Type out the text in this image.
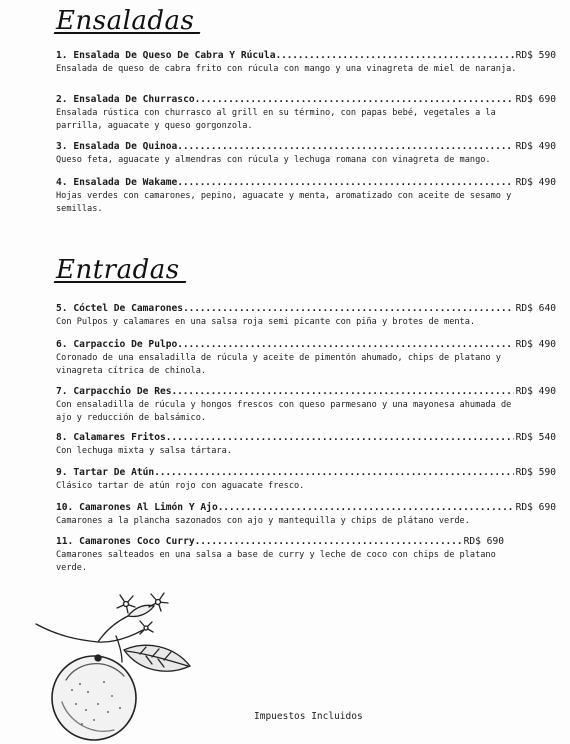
Ensaladas
1. Ensalada De Queso De Cabra Y Rúcula .....	RD$ 590
Ensalada de queso de cabra frito con rúcula con mango y una vinagreta de miel de naranja.
2. Ensalada De Churrasco .....	RD$ 690
Ensalada rústica con churrasco al grill en su término, con papas bebé, vegetales a la parrilla, aguacate y queso gorgonzola.
3. Ensalada De Quinoa .....	RD$ 490
Queso feta, aguacate y almendras con rúcula y lechuga romana con vinagreta de mango.
4. Ensalada De Wakame .....	RD$ 490
Hojas verdes con camarones, pepino, aguacate y menta, aromatizado con aceite de sesamo y semillas.
Entradas
5. Cóctel De Camarones .....	RD$ 640
Con Pulpos y calamares en una salsa roja semi picante con piña y brotes de menta.
6. Carpaccio De Pulpo .....	RD$ 490
Coronado de una ensaladilla de rúcula y aceite de pimentón ahumado, chips de platano y vinagreta cítrica de chinola.
7. Carpacchio De Res .....	RD$ 490
Con ensaladilla de rúcula y hongos frescos con queso parmesano y una mayonesa ahumada de ajo y reducción de balsámico.
8. Calamares Fritos .....	RD$ 540
Con lechuga mixta y salsa tártara.
9. Tartar De Atún .....	RD$ 590
Clásico tartar de atún rojo con aguacate fresco.
10. Camarones Al Limón Y Ajo .....	RD$ 690
Camarones a la plancha sazonados con ajo y mantequilla y chips de plátano verde.
11. Camarones Coco Curry .....	RD$ 690
Camarones salteados en una salsa a base de curry y leche de coco con chips de platano verde.
Impuestos Incluidos
